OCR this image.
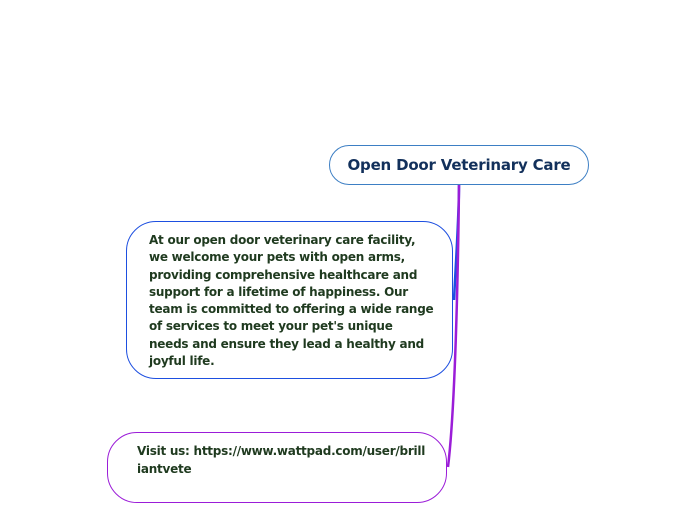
Open Door Veterinary Care

At our open door veterinary care facility, we welcome your pets with open arms, providing comprehensive healthcare and support for a lifetime of happiness. Our team is committed to offering a wide range of services to meet your pet's unique needs and ensure they lead a healthy and joyful life.

Visit us: https://www.wattpad.com/user/brilliantvete
